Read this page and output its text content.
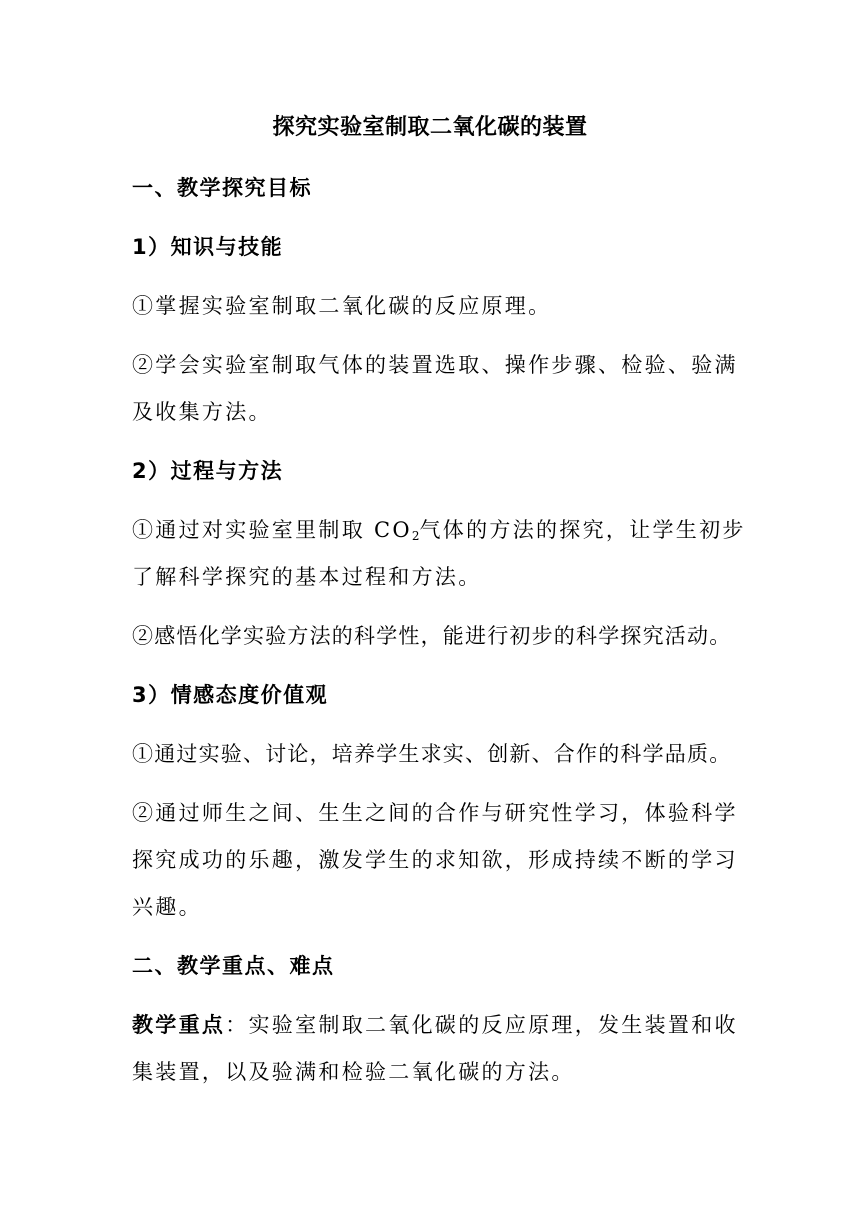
探究实验室制取二氧化碳的装置
一、教学探究目标
1）知识与技能
①掌握实验室制取二氧化碳的反应原理。
②学会实验室制取气体的装置选取、操作步骤、检验、验满
及收集方法。
2）过程与方法
①通过对实验室里制取 $CO_2$气体的方法的探究，让学生初步
了解科学探究的基本过程和方法。
②感悟化学实验方法的科学性，能进行初步的科学探究活动。
3）情感态度价值观
①通过实验、讨论，培养学生求实、创新、合作的科学品质。
②通过师生之间、生生之间的合作与研究性学习，体验科学
探究成功的乐趣，激发学生的求知欲，形成持续不断的学习
兴趣。
二、教学重点、难点
教学重点：实验室制取二氧化碳的反应原理，发生装置和收
集装置，以及验满和检验二氧化碳的方法。
